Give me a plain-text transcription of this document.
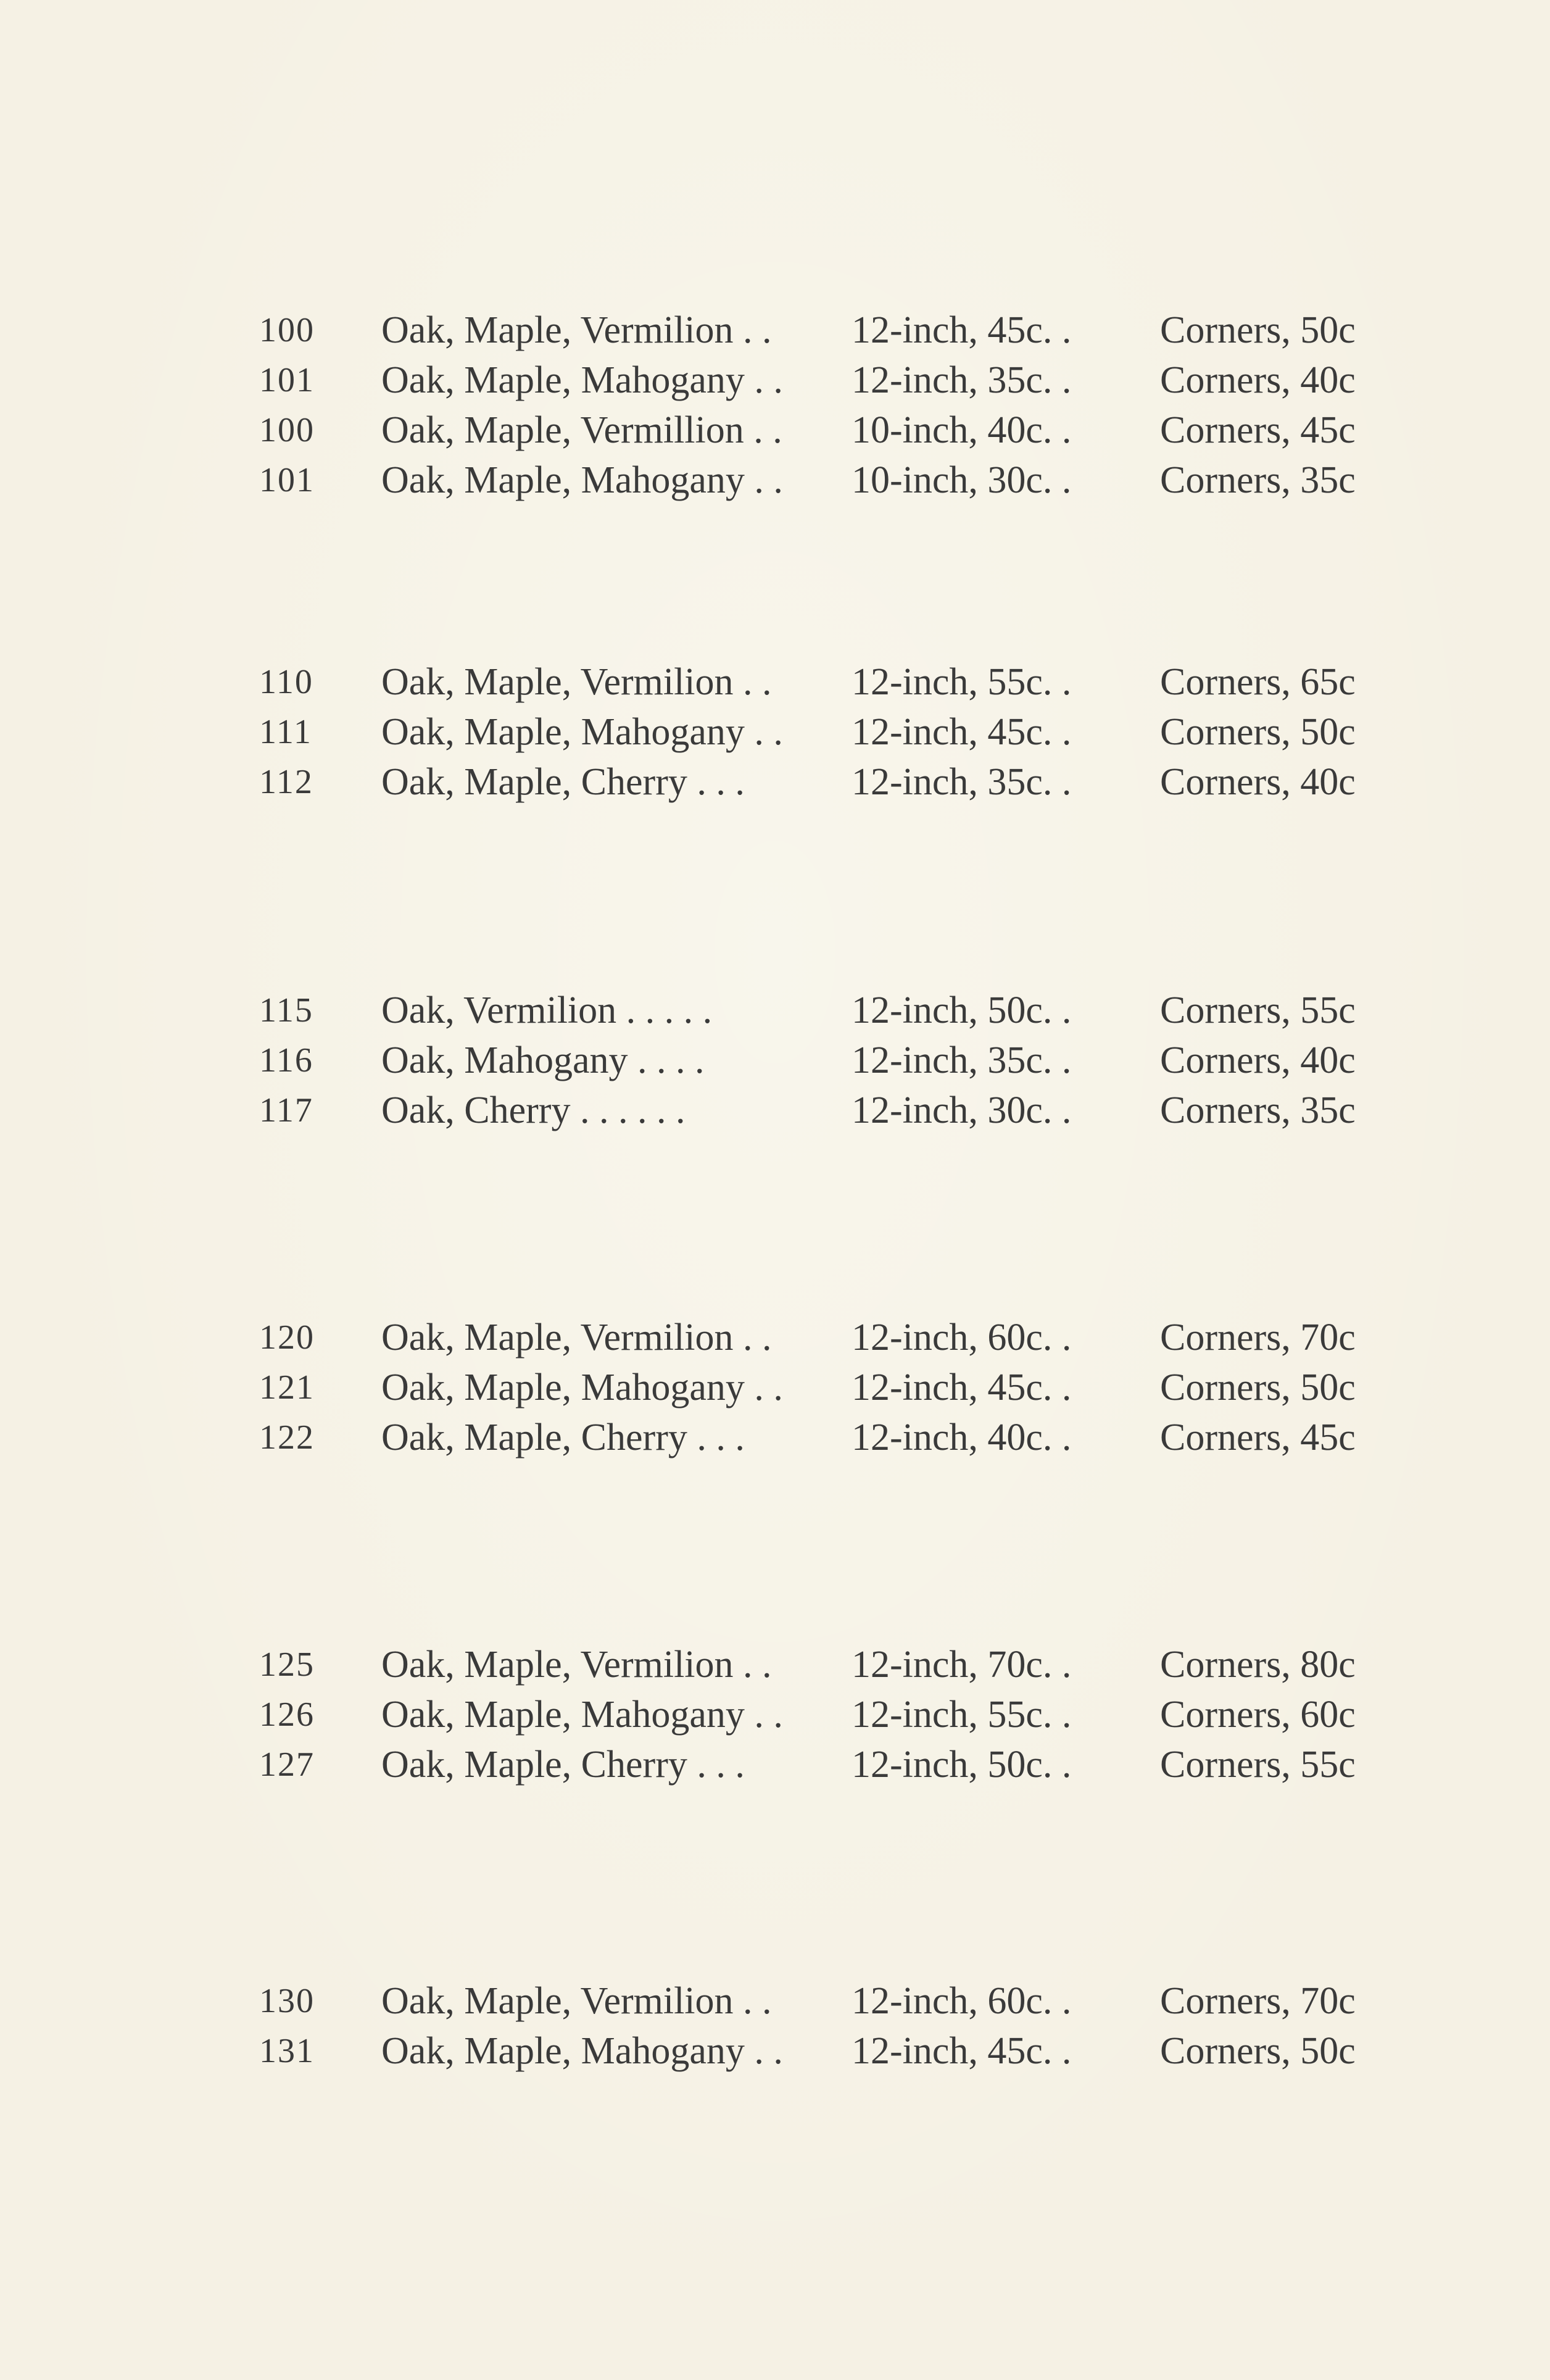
100	Oak, Maple, Vermilion . .	12-inch, 45c. .	Corners, 50c
101	Oak, Maple, Mahogany . .	12-inch, 35c. .	Corners, 40c
100	Oak, Maple, Vermillion . .	10-inch, 40c. .	Corners, 45c
101	Oak, Maple, Mahogany . .	10-inch, 30c. .	Corners, 35c
110	Oak, Maple, Vermilion . .	12-inch, 55c. .	Corners, 65c
111	Oak, Maple, Mahogany . .	12-inch, 45c. .	Corners, 50c
112	Oak, Maple, Cherry . . .	12-inch, 35c. .	Corners, 40c
115	Oak, Vermilion . . . . .	12-inch, 50c. .	Corners, 55c
116	Oak, Mahogany . . . .	12-inch, 35c. .	Corners, 40c
117	Oak, Cherry . . . . . .	12-inch, 30c. .	Corners, 35c
120	Oak, Maple, Vermilion . .	12-inch, 60c. .	Corners, 70c
121	Oak, Maple, Mahogany . .	12-inch, 45c. .	Corners, 50c
122	Oak, Maple, Cherry . . .	12-inch, 40c. .	Corners, 45c
125	Oak, Maple, Vermilion . .	12-inch, 70c. .	Corners, 80c
126	Oak, Maple, Mahogany . .	12-inch, 55c. .	Corners, 60c
127	Oak, Maple, Cherry . . .	12-inch, 50c. .	Corners, 55c
130	Oak, Maple, Vermilion . .	12-inch, 60c. .	Corners, 70c
131	Oak, Maple, Mahogany . .	12-inch, 45c. .	Corners, 50c
